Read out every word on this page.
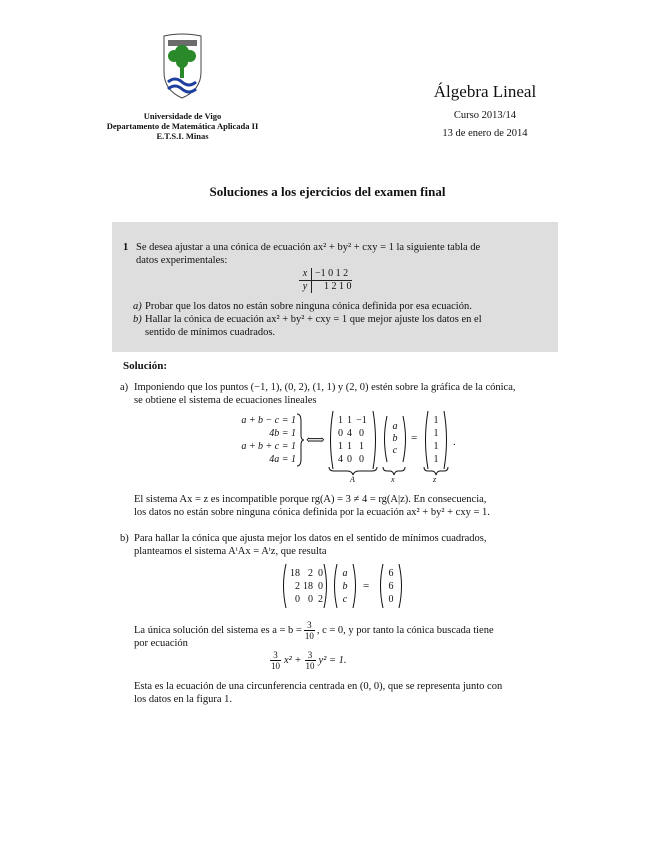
Universidade de Vigo
Departamento de Matemática Aplicada II
E.T.S.I. Minas
Álgebra Lineal
Curso 2013/14
13 de enero de 2014
Soluciones a los ejercicios del examen final
1 Se desea ajustar a una cónica de ecuación ax² + by² + cxy = 1 la siguiente tabla de
datos experimentales:
x −1 0 1 2
y	1 2 1 0
a) Probar que los datos no están sobre ninguna cónica definida por esa ecuación.
b) Hallar la cónica de ecuación ax² + by² + cxy = 1 que mejor ajuste los datos en el
sentido de mínimos cuadrados.
Solución:
a) Imponiendo que los puntos (−1, 1), (0, 2), (1, 1) y (2, 0) estén sobre la gráfica de la cónica,
se obtiene el sistema de ecuaciones lineales
a + b − c = 1
4b = 1
a + b + c = 1
4a = 1
⟺
1 1 −1
0 4 0
1 1 1
4 0 0
a
b
c
=
1
1
1
1
.
A	x	z
El sistema Ax = z es incompatible porque rg(A) = 3 ≠ 4 = rg(A|z). En consecuencia,
los datos no están sobre ninguna cónica definida por la ecuación ax² + by² + cxy = 1.
b) Para hallar la cónica que ajusta mejor los datos en el sentido de mínimos cuadrados,
planteamos el sistema AᵗAx = Aᵗz, que resulta
18 2 0
2 18 0
0 0 2
a
b
c
=
6
6
0
La única solución del sistema es $a = b = \frac{3}{10}$ , c = 0, y por tanto la cónica buscada tiene
por ecuación
3
10 $x^2 + \frac{3}{10} y^2 = 1$.
Esta es la ecuación de una circunferencia centrada en (0, 0), que se representa junto con
los datos en la figura 1.
